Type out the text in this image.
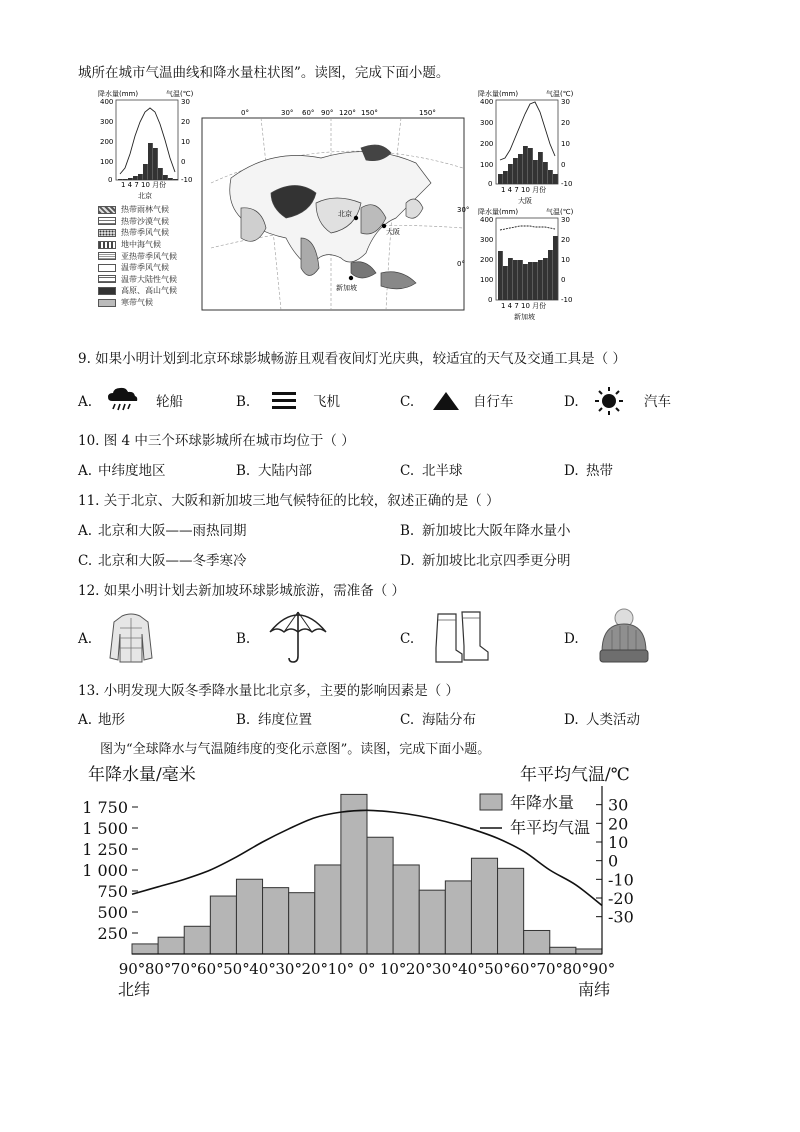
城所在城市气温曲线和降水量柱状图”。读图，完成下面小题。
降水量(mm)	气温(℃)
400
300
200
100
0
30
20
10
0
-10
1 4 7 10 月份
北京
热带雨林气候
热带沙漠气候
热带季风气候
地中海气候
亚热带季风气候
温带季风气候
温带大陆性气候
高原、高山气候
寒带气候
0°	30° 60° 90° 120° 150°	150°
北京
大阪
新加坡
30°
0°
降水量(mm)	气温(℃)
400
300
200
100
0
30
20
10
0
-10
1 4 7 10 月份
大阪
降水量(mm)	气温(℃)
400
300
200
100
0
30
20
10
0
-10
1 4 7 10 月份
新加坡
9. 如果小明计划到北京环球影城畅游且观看夜间灯光庆典，较适宜的天气及交通工具是（ ）
A.	轮船	B.	飞机	C.	自行车	D.	汽车
10. 图 4 中三个环球影城所在城市均位于（ ）
A. 中纬度地区	B. 大陆内部	C. 北半球	D. 热带
11. 关于北京、大阪和新加坡三地气候特征的比较，叙述正确的是（ ）
A. 北京和大阪——雨热同期	B. 新加坡比大阪年降水量小
C. 北京和大阪——冬季寒冷	D. 新加坡比北京四季更分明
12. 如果小明计划去新加坡环球影城旅游，需准备（ ）
A.	B.	C.	D.
13. 小明发现大阪冬季降水量比北京多，主要的影响因素是（ ）
A. 地形	B. 纬度位置	C. 海陆分布	D. 人类活动
图为“全球降水与气温随纬度的变化示意图”。读图，完成下面小题。
年降水量/毫米	年平均气温/℃
1 750
1 500
1 250
1 000
750
500
250
30
20
10
0
-10
-20
-30
90° 80° 70° 60° 50° 40° 30° 20° 10° 0° 10° 20° 30° 40° 50° 60° 70° 80° 90°
北纬	南纬
年降水量
年平均气温
